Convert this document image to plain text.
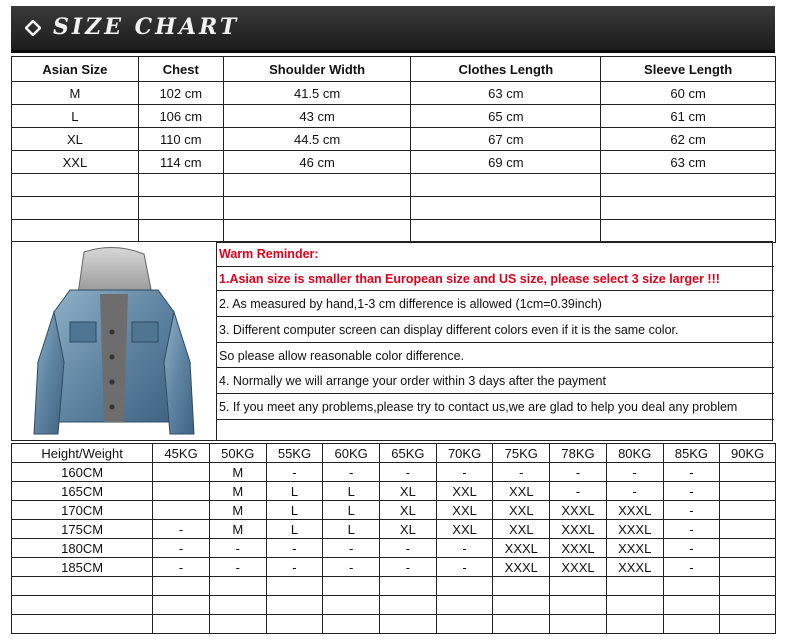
SIZE CHART
Asian Size	Chest	Shoulder Width	Clothes Length	Sleeve Length
M	102 cm	41.5 cm	63 cm	60 cm
L	106 cm	43 cm	65 cm	61 cm
XL	110 cm	44.5 cm	67 cm	62 cm
XXL	114 cm	46 cm	69 cm	63 cm

Warm Reminder:
1. Asian size is smaller than European size and US size, please select 3 size larger !!!
2. As measured by hand,1-3 cm difference is allowed (1cm=0.39inch)
3. Different computer screen can display different colors even if it is the same color.
So please allow reasonable color difference.
4. Normally we will arrange your order within 3 days after the payment
5. If you meet any problems,please try to contact us,we are glad to help you deal any problem
Height/Weight	45KG	50KG	55KG	60KG	65KG	70KG	75KG	78KG	80KG	85KG	90KG
160CM		M	-	-	-	-	-	-	-	-	
165CM		M	L	L	XL	XXL	XXL	-	-	-	
170CM		M	L	L	XL	XXL	XXL	XXXL	XXXL	-	
175CM	-	M	L	L	XL	XXL	XXL	XXXL	XXXL	-	
180CM	-	-	-	-	-	-	XXXL	XXXL	XXXL	-	
185CM	-	-	-	-	-	-	XXXL	XXXL	XXXL	-	
